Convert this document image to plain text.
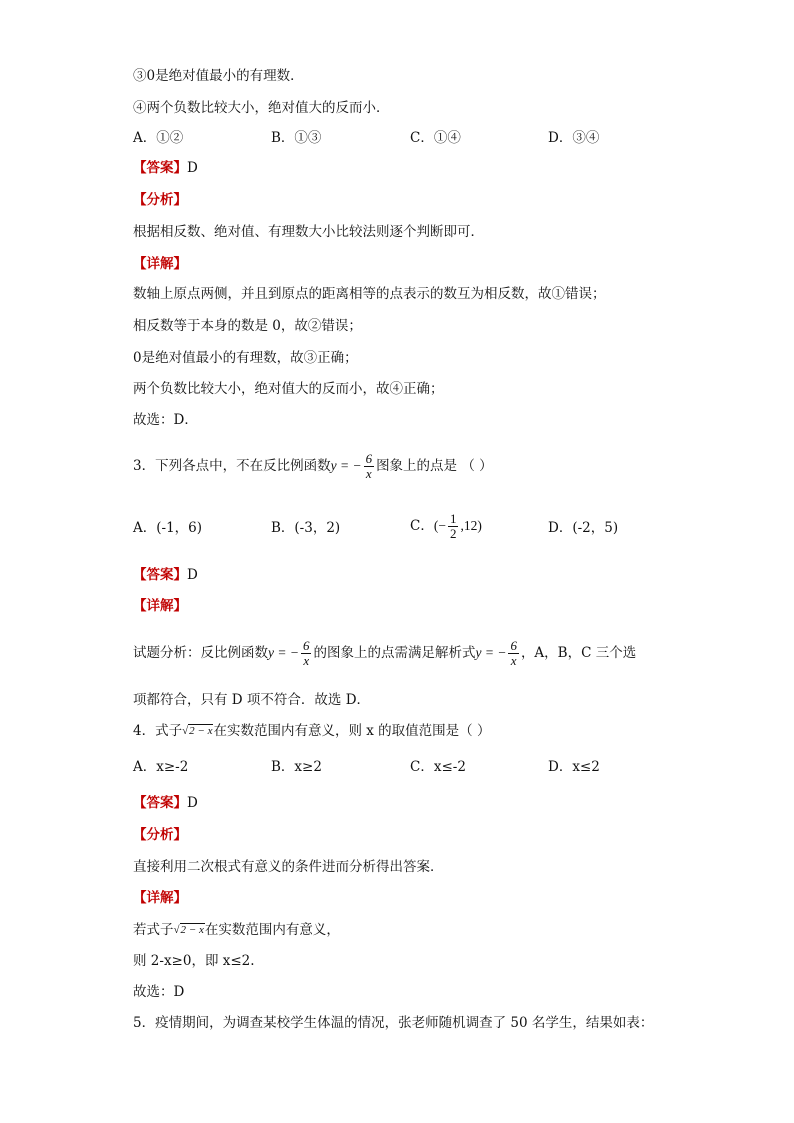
③0是绝对值最小的有理数．
④两个负数比较大小，绝对值大的反而小．
A．①②	B．①③	C．①④	D．③④
【答案】D
【分析】
根据相反数、绝对值、有理数大小比较法则逐个判断即可．
【详解】
数轴上原点两侧，并且到原点的距离相等的点表示的数互为相反数，故①错误；
相反数等于本身的数是 0，故②错误；
0是绝对值最小的有理数，故③正确；
两个负数比较大小，绝对值大的反而小，故④正确；
故选：D．
3．下列各点中，不在反比例函数y = − $\frac{6}{x}$ 图象上的点是 （ ）
A．(-1，6)	B．(-3，2)	C．(− $\frac{1}{2} ,12$)	D．(-2，5)
【答案】D
【详解】
试题分析：反比例函数y = − $\frac{6}{x}$ 的图象上的点需满足解析式y = − $\frac{6}{x}$ ，A，B，C 三个选
项都符合，只有 D 项不符合．故选 D．
4．式子√2 − x在实数范围内有意义，则 x 的取值范围是（ ）
A．x≥-2	B．x≥2	C．x≤-2	D．x≤2
【答案】D
【分析】
直接利用二次根式有意义的条件进而分析得出答案．
【详解】
若式子√2 − x在实数范围内有意义，
则 2-x≥0，即 x≤2.
故选：D
5．疫情期间，为调查某校学生体温的情况，张老师随机调查了 50 名学生，结果如表：
